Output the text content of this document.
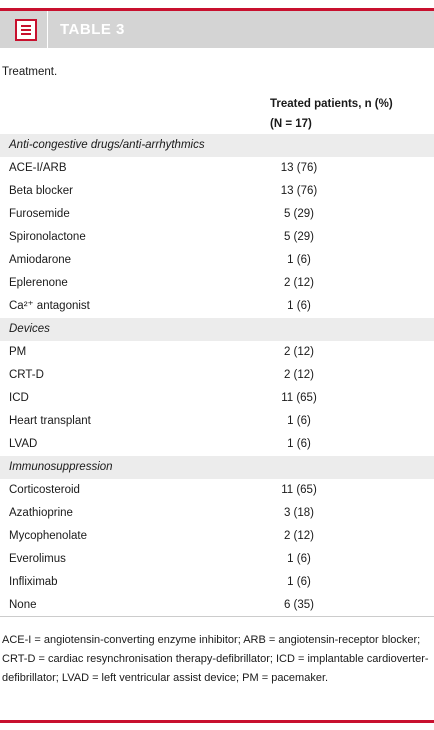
TABLE 3
Treatment.
Treated patients, n (%)
(N = 17)
Anti-congestive drugs/anti-arrhythmics
ACE-I/ARB	13 (76)
Beta blocker	13 (76)
Furosemide	5 (29)
Spironolactone	5 (29)
Amiodarone	1 (6)
Eplerenone	2 (12)
Ca²⁺ antagonist	1 (6)
Devices
PM	2 (12)
CRT-D	2 (12)
ICD	11 (65)
Heart transplant	1 (6)
LVAD	1 (6)
Immunosuppression
Corticosteroid	11 (65)
Azathioprine	3 (18)
Mycophenolate	2 (12)
Everolimus	1 (6)
Infliximab	1 (6)
None	6 (35)
ACE-I = angiotensin-converting enzyme inhibitor; ARB = angiotensin-receptor blocker; CRT-D = cardiac resynchronisation therapy-defibrillator; ICD = implantable cardioverter-defibrillator; LVAD = left ventricular assist device; PM = pacemaker.
